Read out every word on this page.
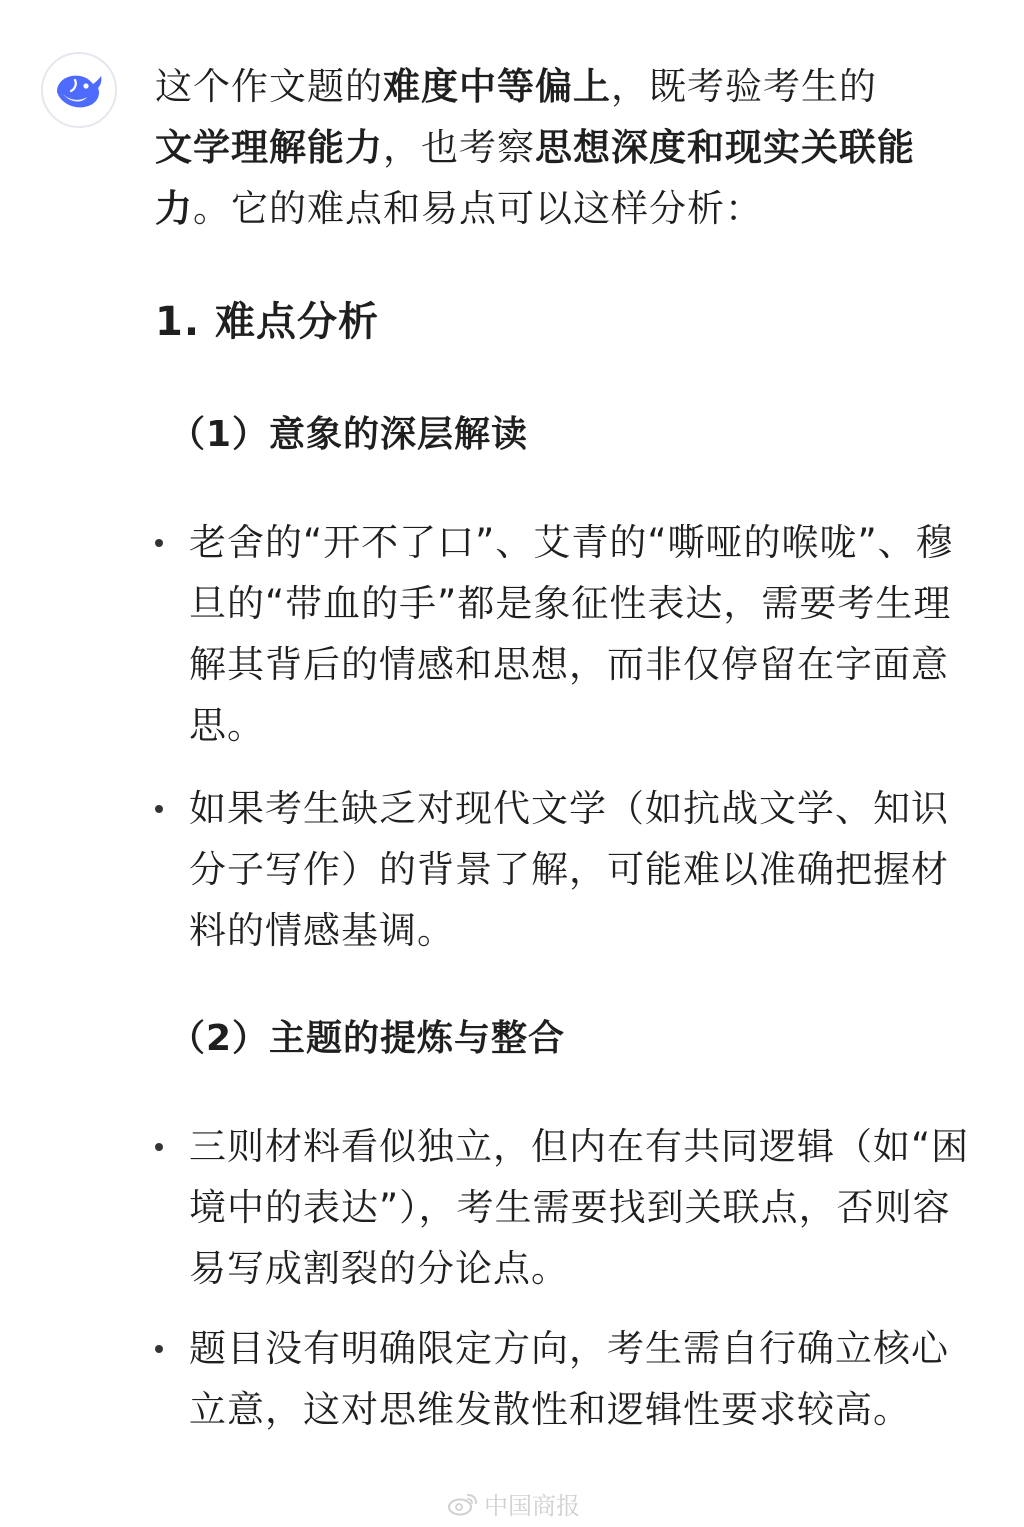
这个作文题的难度中等偏上，既考验考生的
文学理解能力，也考察思想深度和现实关联能力。它的难点和易点可以这样分析：

1. 难点分析
（1）意象的深层解读
老舍的“开不了口”、艾青的“嘶哑的喉咙”、穆旦的“带血的手”都是象征性表达，需要考生理解其背后的情感和思想，而非仅停留在字面意思。
如果考生缺乏对现代文学（如抗战文学、知识分子写作）的背景了解，可能难以准确把握材料的情感基调。
（2）主题的提炼与整合
三则材料看似独立，但内在有共同逻辑（如“困境中的表达”），考生需要找到关联点，否则容易写成割裂的分论点。
题目没有明确限定方向，考生需自行确立核心立意，这对思维发散性和逻辑性要求较高。
中国商报
